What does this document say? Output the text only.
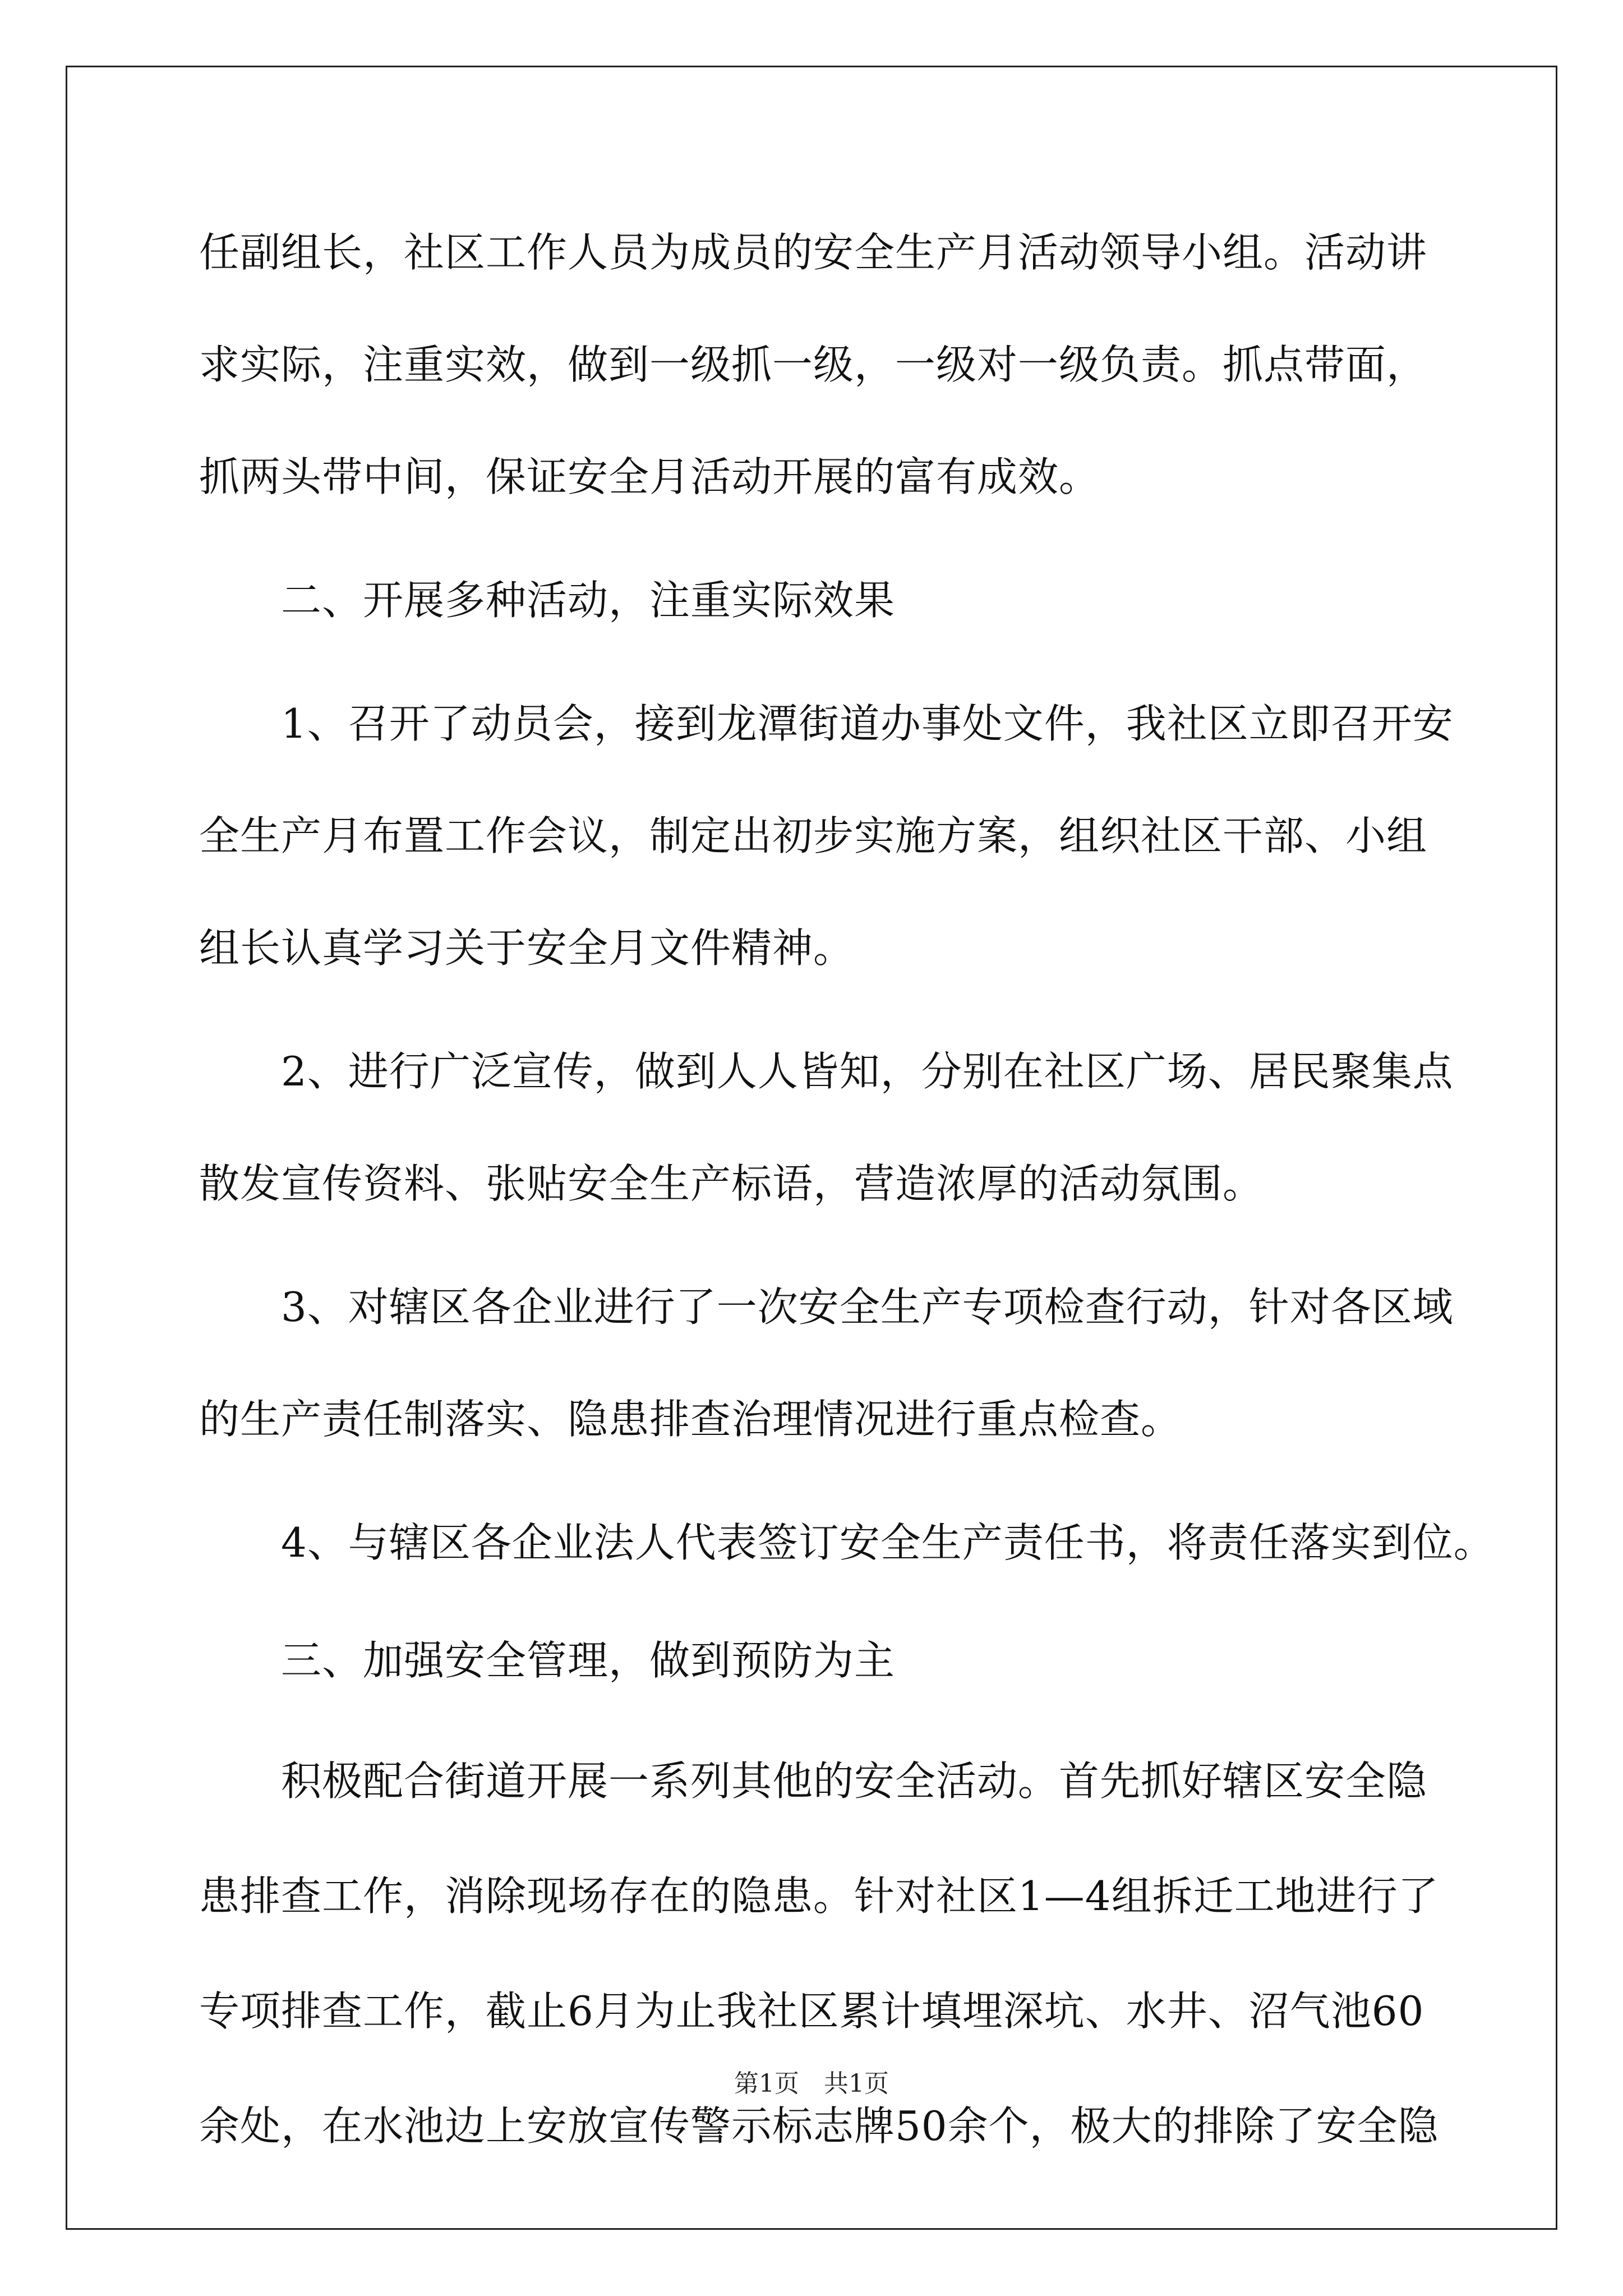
任副组长，社区工作人员为成员的安全生产月活动领导小组。活动讲
求实际，注重实效，做到一级抓一级，一级对一级负责。抓点带面，
抓两头带中间，保证安全月活动开展的富有成效。
　　二、开展多种活动，注重实际效果
　　1、召开了动员会，接到龙潭街道办事处文件，我社区立即召开安
全生产月布置工作会议，制定出初步实施方案，组织社区干部、小组
组长认真学习关于安全月文件精神。
　　2、进行广泛宣传，做到人人皆知，分别在社区广场、居民聚集点
散发宣传资料、张贴安全生产标语，营造浓厚的活动氛围。
　　3、对辖区各企业进行了一次安全生产专项检查行动，针对各区域
的生产责任制落实、隐患排查治理情况进行重点检查。
　　4、与辖区各企业法人代表签订安全生产责任书，将责任落实到位。
　　三、加强安全管理，做到预防为主
　　积极配合街道开展一系列其他的安全活动。首先抓好辖区安全隐
患排查工作，消除现场存在的隐患。针对社区1—4组拆迁工地进行了
专项排查工作，截止6月为止我社区累计填埋深坑、水井、沼气池60
余处，在水池边上安放宣传警示标志牌50余个，极大的排除了安全隐
第1页　共1页
